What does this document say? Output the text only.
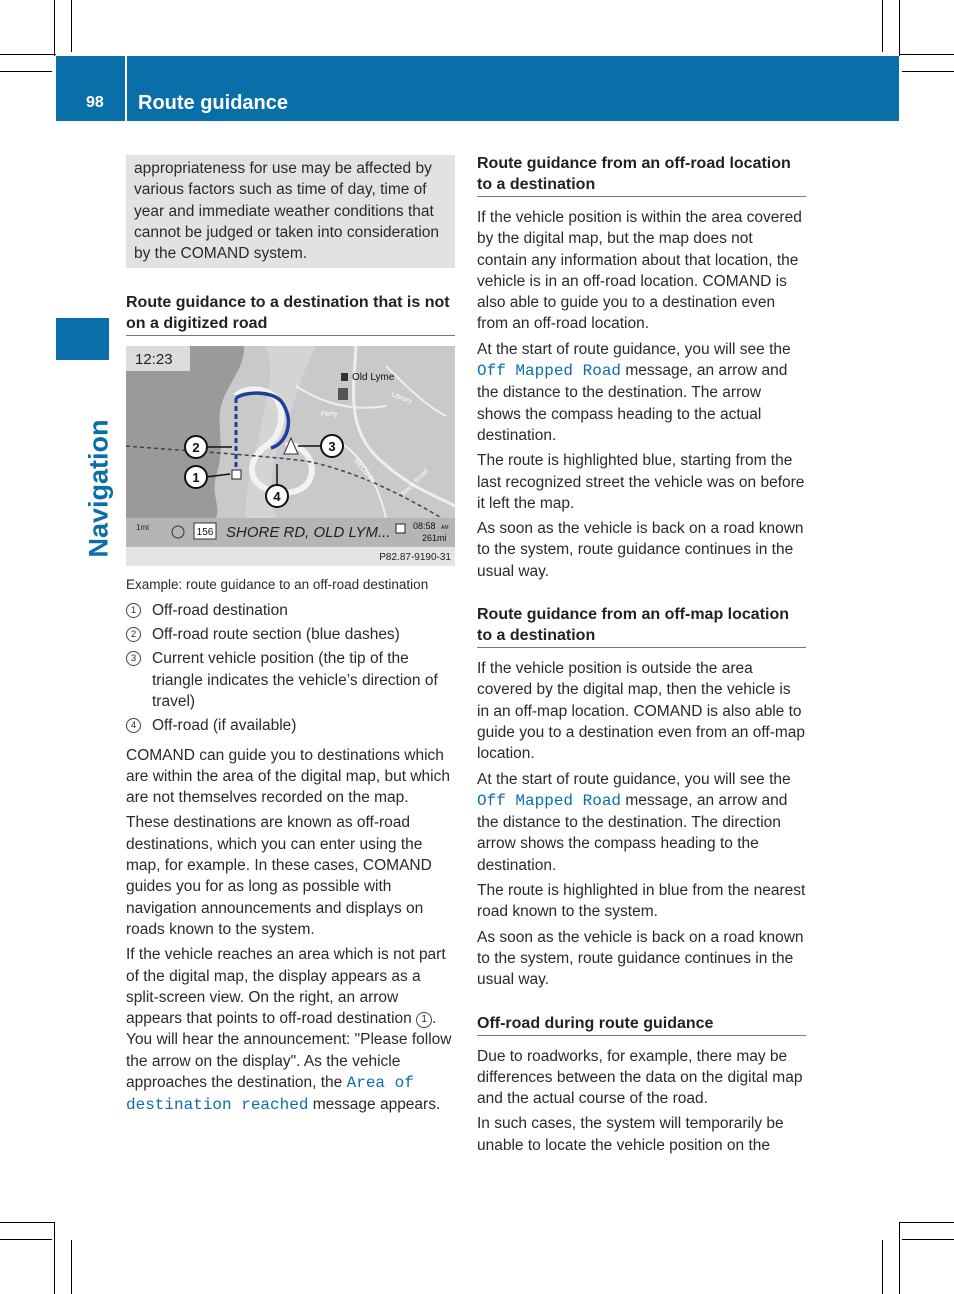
98 Route guidance
Navigation
appropriateness for use may be affected by various factors such as time of day, time of year and immediate weather conditions that cannot be judged or taken into consideration by the COMAND system.
Route guidance to a destination that is not on a digitized road
12:23
Old Lyme
Ferry
Library
McCurdy	Neck Road
1
2	3
4
1mi	156 SHORE RD, OLD LYM...	08:58 AM
261mi
P82.87-9190-31
Example: route guidance to an off-road destination
1	Off-road destination
2	Off-road route section (blue dashes)
3	Current vehicle position (the tip of the triangle indicates the vehicle’s direction of travel)
4	Off-road (if available)

COMAND can guide you to destinations which are within the area of the digital map, but which are not themselves recorded on the map.

These destinations are known as off-road destinations, which you can enter using the map, for example. In these cases, COMAND guides you for as long as possible with navigation announcements and displays on roads known to the system.

If the vehicle reaches an area which is not part of the digital map, the display appears as a split-screen view. On the right, an arrow appears that points to off-road destination 1 . You will hear the announcement: "Please follow the arrow on the display". As the vehicle approaches the destination, the Area of destination reached message appears.

Route guidance from an off-road location to a destination

If the vehicle position is within the area covered by the digital map, but the map does not contain any information about that location, the vehicle is in an off-road location. COMAND is also able to guide you to a destination even from an off-road location.

At the start of route guidance, you will see the Off Mapped Road message, an arrow and the distance to the destination. The arrow shows the compass heading to the actual destination.

The route is highlighted blue, starting from the last recognized street the vehicle was on before it left the map.

As soon as the vehicle is back on a road known to the system, route guidance continues in the usual way.

Route guidance from an off-map location to a destination

If the vehicle position is outside the area covered by the digital map, then the vehicle is in an off-map location. COMAND is also able to guide you to a destination even from an off-map location.

At the start of route guidance, you will see the Off Mapped Road message, an arrow and the distance to the destination. The direction arrow shows the compass heading to the destination.

The route is highlighted in blue from the nearest road known to the system.

As soon as the vehicle is back on a road known to the system, route guidance continues in the usual way.

Off-road during route guidance

Due to roadworks, for example, there may be differences between the data on the digital map and the actual course of the road.

In such cases, the system will temporarily be unable to locate the vehicle position on the
